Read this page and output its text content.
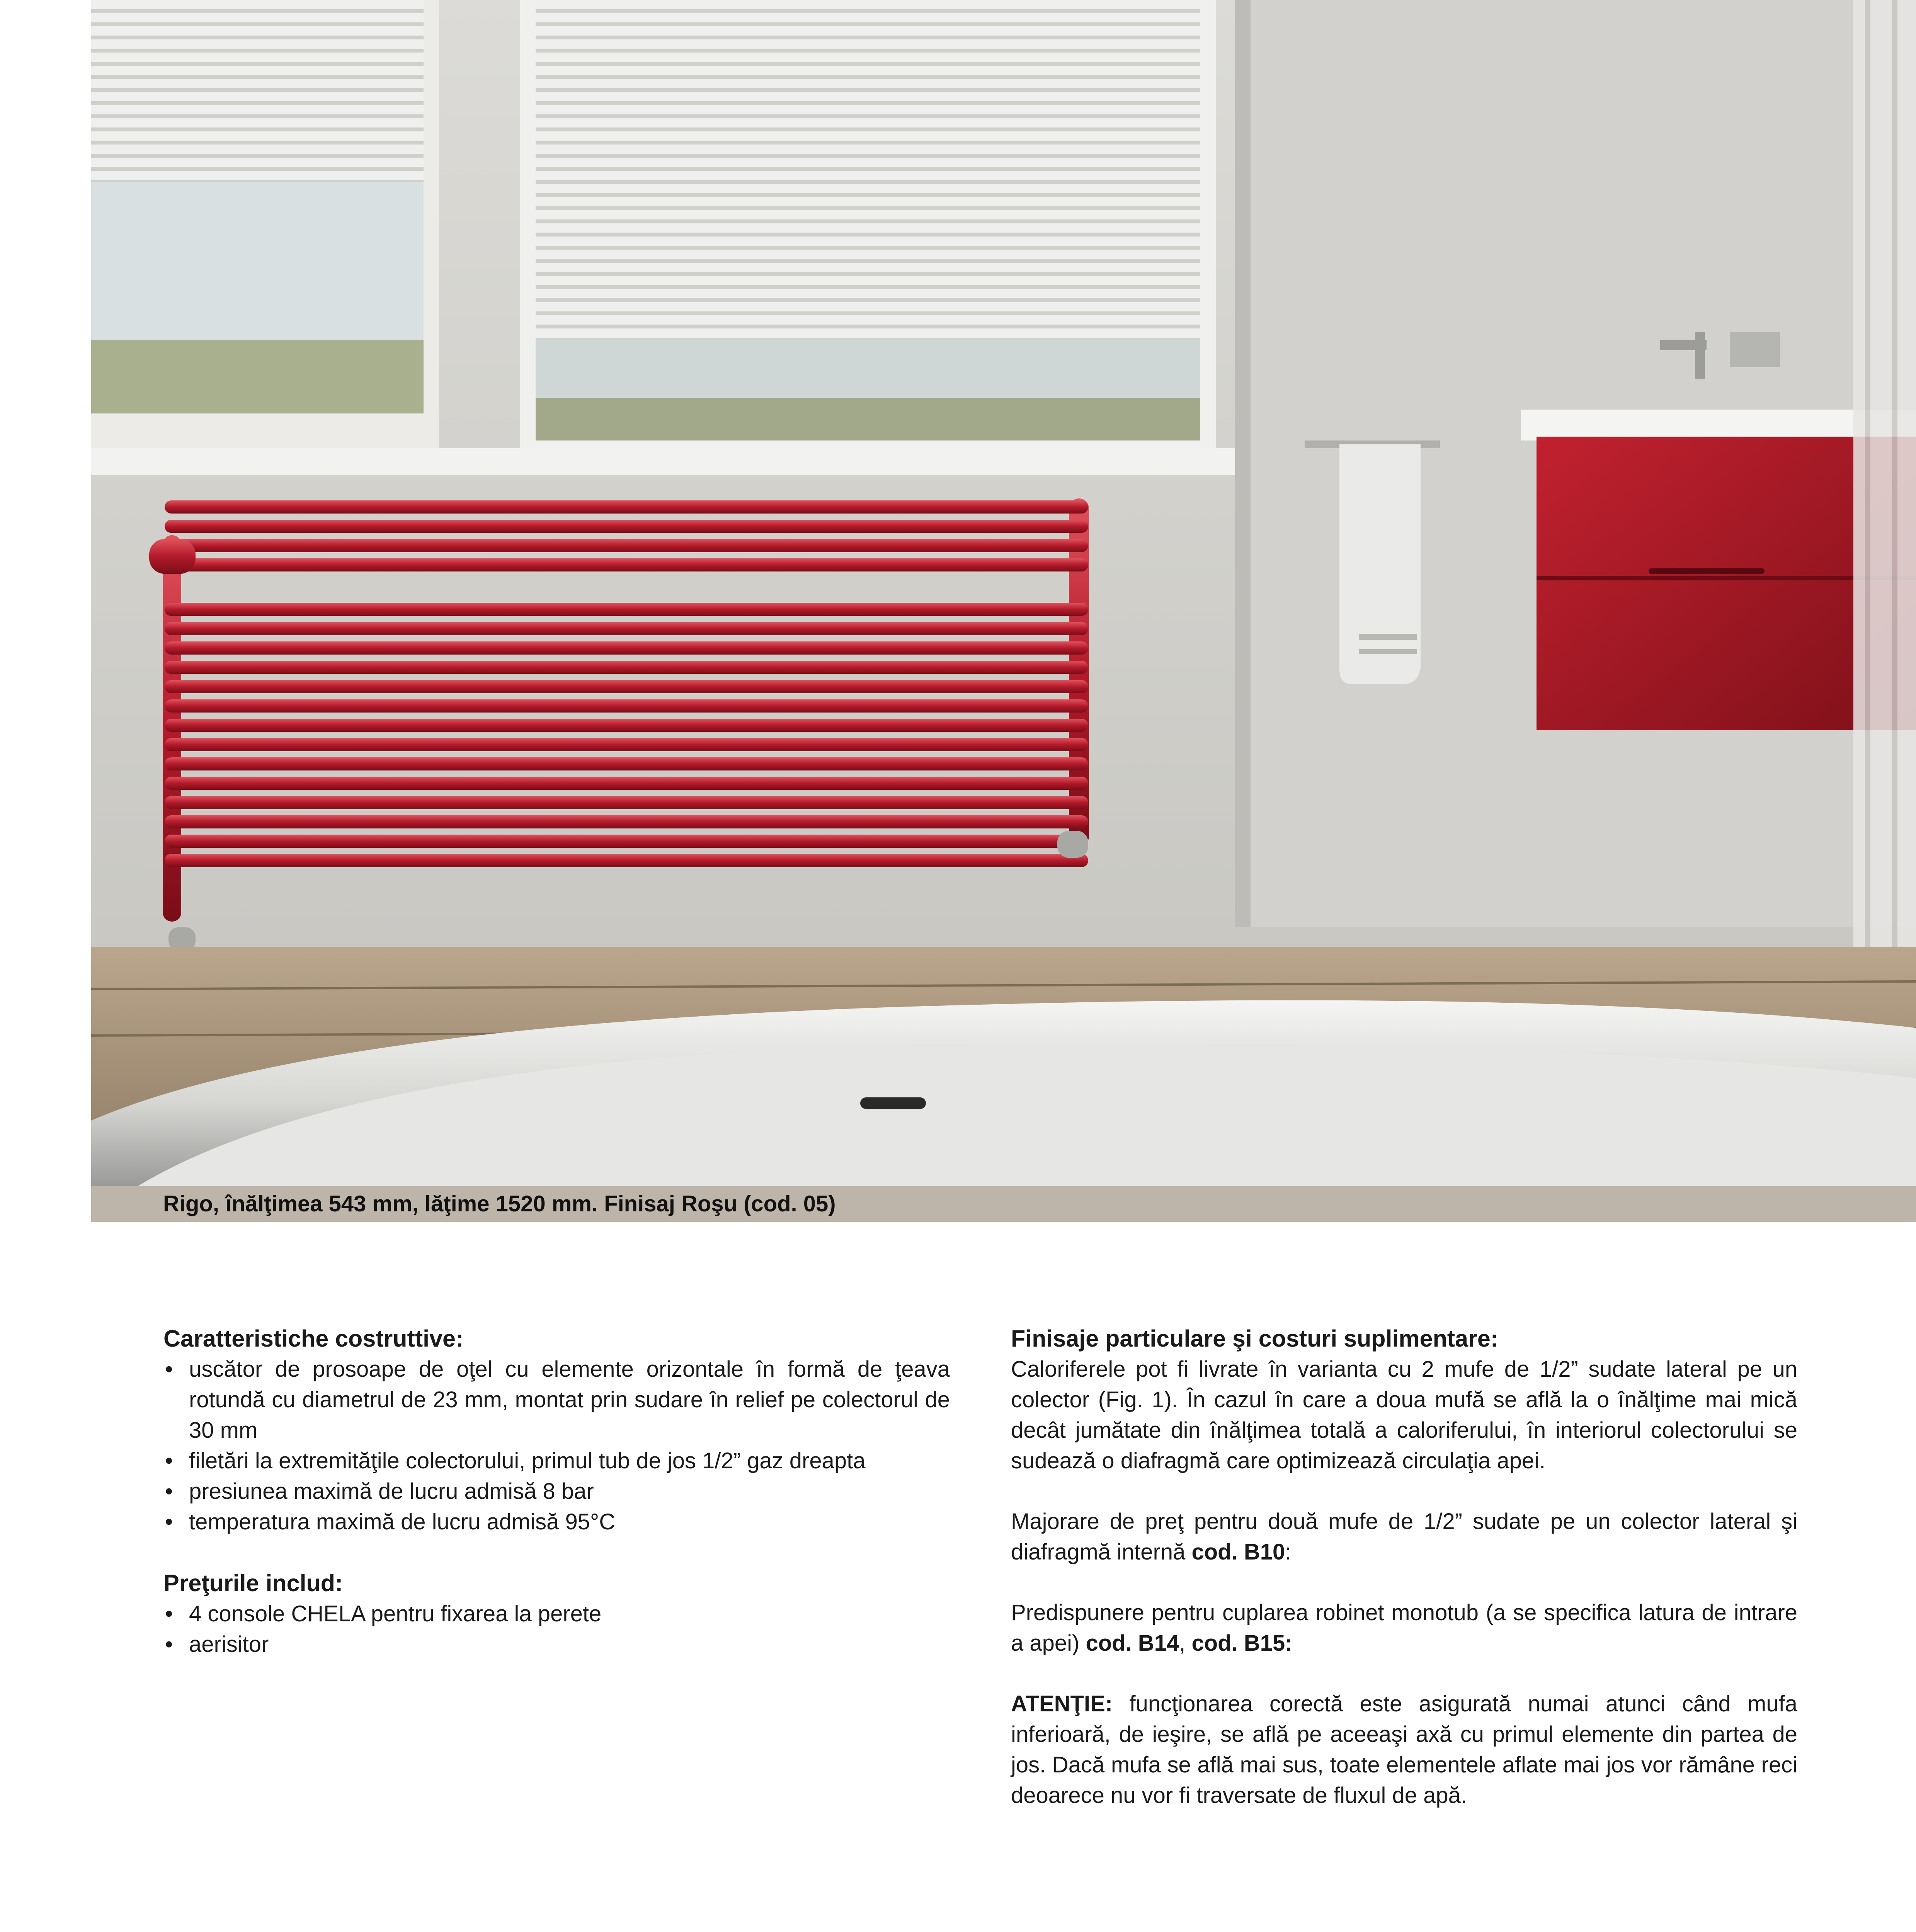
Rigo, înălţimea 543 mm, lăţime 1520 mm. Finisaj Roşu (cod. 05)

Caratteristiche costruttive:

• uscător de prosoape de oţel cu elemente orizontale în formă de ţeava rotundă cu diametrul de 23 mm, montat prin sudare în relief pe colectorul de 30 mm

• filetări la extremităţile colectorului, primul tub de jos 1/2” gaz dreapta

• presiunea maximă de lucru admisă 8 bar

• temperatura maximă de lucru admisă 95°C

Preţurile includ:

• 4 console CHELA pentru fixarea la perete

• aerisitor

Finisaje particulare şi costuri suplimentare:

Caloriferele pot fi livrate în varianta cu 2 mufe de 1/2” sudate lateral pe un colector (Fig. 1). În cazul în care a doua mufă se află la o înălţime mai mică decât jumătate din înălţimea totală a caloriferului, în interiorul colectorului se sudează o diafragmă care optimizează circulaţia apei.

Majorare de preţ pentru două mufe de 1/2” sudate pe un colector lateral şi diafragmă internă cod. B10:

Predispunere pentru cuplarea robinet monotub (a se specifica latura de intrare a apei) cod. B14, cod. B15:

ATENŢIE: funcţionarea corectă este asigurată numai atunci când mufa inferioară, de ieşire, se află pe aceeaşi axă cu primul elemente din partea de jos. Dacă mufa se află mai sus, toate elementele aflate mai jos vor rămâne reci deoarece nu vor fi traversate de fluxul de apă.
